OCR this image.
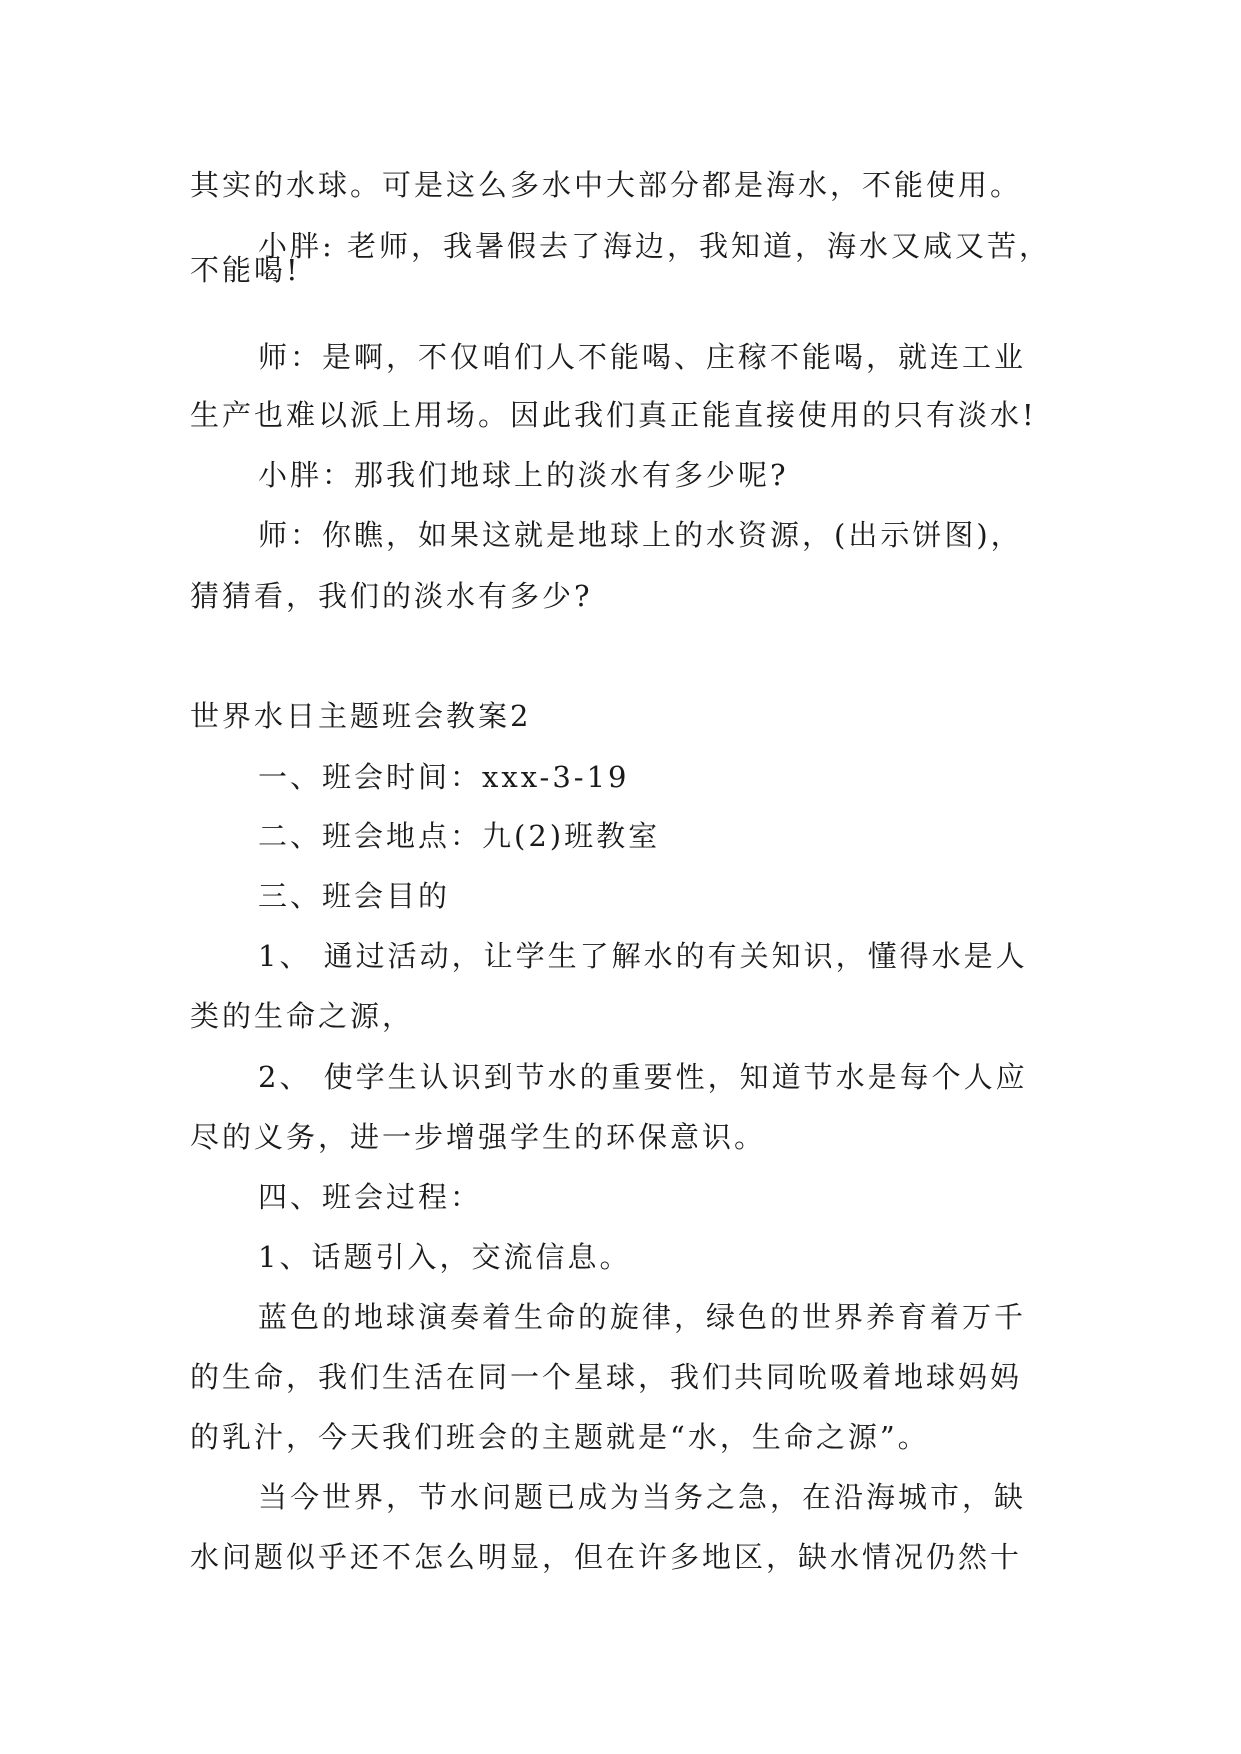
其实的水球。可是这么多水中大部分都是海水，不能使用。
小胖: 老师，我暑假去了海边，我知道，海水又咸又苦，
不能喝!
师：是啊，不仅咱们人不能喝、庄稼不能喝，就连工业
生产也难以派上用场。因此我们真正能直接使用的只有淡水!
小胖：那我们地球上的淡水有多少呢?
师：你瞧，如果这就是地球上的水资源，(出示饼图)，
猜猜看，我们的淡水有多少?
世界水日主题班会教案2
一、班会时间：xxx-3-19
二、班会地点：九(2)班教室
三、班会目的
1、 通过活动，让学生了解水的有关知识，懂得水是人
类的生命之源，
2、 使学生认识到节水的重要性，知道节水是每个人应
尽的义务，进一步增强学生的环保意识。
四、班会过程：
1、话题引入，交流信息。
蓝色的地球演奏着生命的旋律，绿色的世界养育着万千
的生命，我们生活在同一个星球，我们共同吮吸着地球妈妈
的乳汁，今天我们班会的主题就是“水，生命之源”。
当今世界，节水问题已成为当务之急，在沿海城市，缺
水问题似乎还不怎么明显，但在许多地区，缺水情况仍然十
